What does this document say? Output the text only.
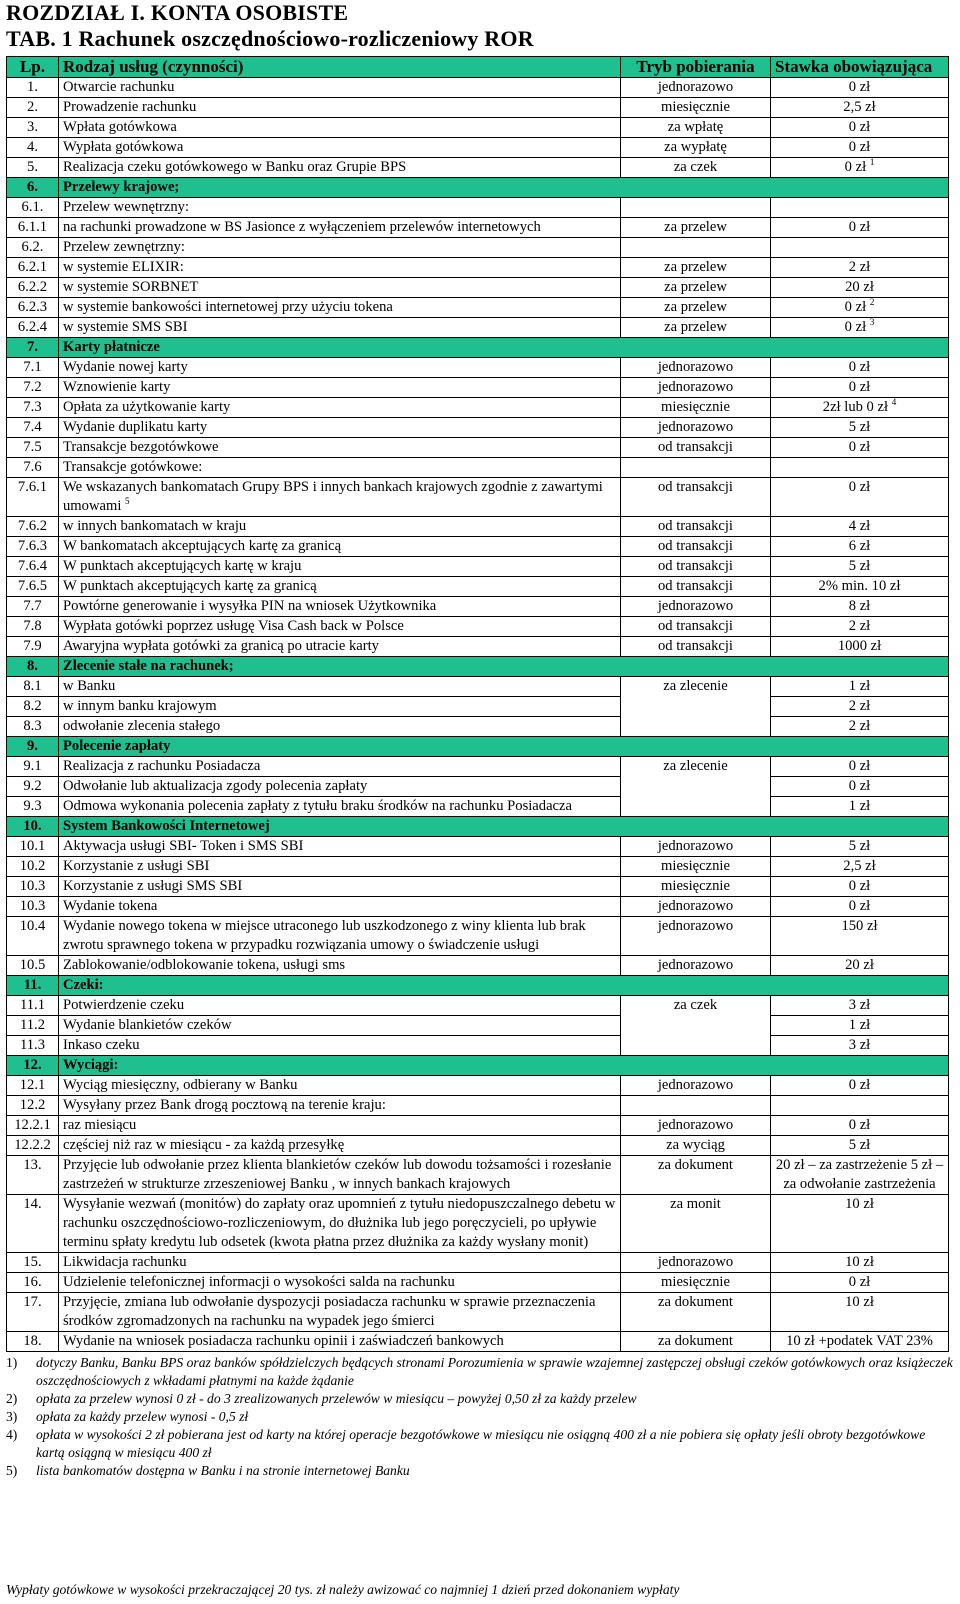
ROZDZIAŁ I. KONTA OSOBISTE
TAB. 1 Rachunek oszczędnościowo-rozliczeniowy ROR
Lp.	Rodzaj usług (czynności)	Tryb pobierania	Stawka obowiązująca
1.	Otwarcie rachunku	jednorazowo	0 zł
2.	Prowadzenie rachunku	miesięcznie	2,5 zł
3.	Wpłata gotówkowa	za wpłatę	0 zł
4.	Wypłata gotówkowa	za wypłatę	0 zł
5.	Realizacja czeku gotówkowego w Banku oraz Grupie BPS	za czek	0 zł $^1$
6.	Przelewy krajowe;		
6.1.	Przelew wewnętrzny:		
6.1.1	na rachunki prowadzone w BS Jasionce z wyłączeniem przelewów internetowych	za przelew	0 zł
6.2.	Przelew zewnętrzny:		
6.2.1	w systemie ELIXIR:	za przelew	2 zł
6.2.2	w systemie SORBNET	za przelew	20 zł
6.2.3	w systemie bankowości internetowej przy użyciu tokena	za przelew	0 zł $^2$
6.2.4	w systemie SMS SBI	za przelew	0 zł $^3$
7.	Karty płatnicze		
7.1	Wydanie nowej karty	jednorazowo	0 zł
7.2	Wznowienie karty	jednorazowo	0 zł
7.3	Opłata za użytkowanie karty	miesięcznie	2zł lub 0 zł $^4$
7.4	Wydanie duplikatu karty	jednorazowo	5 zł
7.5	Transakcje bezgotówkowe	od transakcji	0 zł
7.6	Transakcje gotówkowe:		
7.6.1	We wskazanych bankomatach Grupy BPS i innych bankach krajowych zgodnie z zawartymi umowami $^5$	od transakcji	0 zł
7.6.2	w innych bankomatach w kraju	od transakcji	4 zł
7.6.3	W bankomatach akceptujących kartę za granicą	od transakcji	6 zł
7.6.4	W punktach akceptujących kartę w kraju	od transakcji	5 zł
7.6.5	W punktach akceptujących kartę za granicą	od transakcji	2% min. 10 zł
7.7	Powtórne generowanie i wysyłka PIN na wniosek Użytkownika	jednorazowo	8 zł
7.8	Wypłata gotówki poprzez usługę Visa Cash back w Polsce	od transakcji	2 zł
7.9	Awaryjna wypłata gotówki za granicą po utracie karty	od transakcji	1000 zł
8.	Zlecenie stałe na rachunek;		
8.1	w Banku	za zlecenie	1 zł
8.2	w innym banku krajowym		2 zł
8.3	odwołanie zlecenia stałego		2 zł
9.	Polecenie zapłaty		
9.1	Realizacja z rachunku Posiadacza	za zlecenie	0 zł
9.2	Odwołanie lub aktualizacja zgody polecenia zapłaty		0 zł
9.3	Odmowa wykonania polecenia zapłaty z tytułu braku środków na rachunku Posiadacza		1 zł
10.	System Bankowości Internetowej		
10.1	Aktywacja usługi SBI- Token i SMS SBI	jednorazowo	5 zł
10.2	Korzystanie z usługi SBI	miesięcznie	2,5 zł
10.3	Korzystanie z usługi SMS SBI	miesięcznie	0 zł
10.3	Wydanie tokena	jednorazowo	0 zł
10.4	Wydanie nowego tokena w miejsce utraconego lub uszkodzonego z winy klienta lub brak zwrotu sprawnego tokena w przypadku rozwiązania umowy o świadczenie usługi	jednorazowo	150 zł
10.5	Zablokowanie/odblokowanie tokena, usługi sms	jednorazowo	20 zł
11.	Czeki:		
11.1	Potwierdzenie czeku	za czek	3 zł
11.2	Wydanie blankietów czeków		1 zł
11.3	Inkaso czeku		3 zł
12.	Wyciągi:		
12.1	Wyciąg miesięczny, odbierany w Banku	jednorazowo	0 zł
12.2	Wysyłany przez Bank drogą pocztową na terenie kraju:		
12.2.1	raz miesiącu	jednorazowo	0 zł
12.2.2	częściej niż raz w miesiącu - za każdą przesyłkę	za wyciąg	5 zł
13.	Przyjęcie lub odwołanie przez klienta blankietów czeków lub dowodu tożsamości i rozesłanie zastrzeżeń w strukturze zrzeszeniowej Banku , w innych bankach krajowych	za dokument	20 zł – za zastrzeżenie 5 zł – za odwołanie zastrzeżenia
14.	Wysyłanie wezwań (monitów) do zapłaty oraz upomnień z tytułu niedopuszczalnego debetu w rachunku oszczędnościowo-rozliczeniowym, do dłużnika lub jego poręczycieli, po upływie terminu spłaty kredytu lub odsetek (kwota płatna przez dłużnika za każdy wysłany monit)	za monit	10 zł
15.	Likwidacja rachunku	jednorazowo	10 zł
16.	Udzielenie telefonicznej informacji o wysokości salda na rachunku	miesięcznie	0 zł
17.	Przyjęcie, zmiana lub odwołanie dyspozycji posiadacza rachunku w sprawie przeznaczenia środków zgromadzonych na rachunku na wypadek jego śmierci	za dokument	10 zł
18.	Wydanie na wniosek posiadacza rachunku opinii i zaświadczeń bankowych	za dokument	10 zł +podatek VAT 23%
1)	dotyczy Banku, Banku BPS oraz banków spółdzielczych będących stronami Porozumienia w sprawie wzajemnej zastępczej obsługi czeków gotówkowych oraz książeczek oszczędnościowych z wkładami płatnymi na każde żądanie
2)	opłata za przelew wynosi 0 zł - do 3 zrealizowanych przelewów w miesiącu – powyżej 0,50 zł za każdy przelew
3)	opłata za każdy przelew wynosi - 0,5 zł
4)	opłata w wysokości 2 zł pobierana jest od karty na której operacje bezgotówkowe w miesiącu nie osiągną 400 zł a nie pobiera się opłaty jeśli obroty bezgotówkowe kartą osiągną w miesiącu 400 zł
5)	lista bankomatów dostępna w Banku i na stronie internetowej Banku
Wypłaty gotówkowe w wysokości przekraczającej 20 tys. zł należy awizować co najmniej 1 dzień przed dokonaniem wypłaty
